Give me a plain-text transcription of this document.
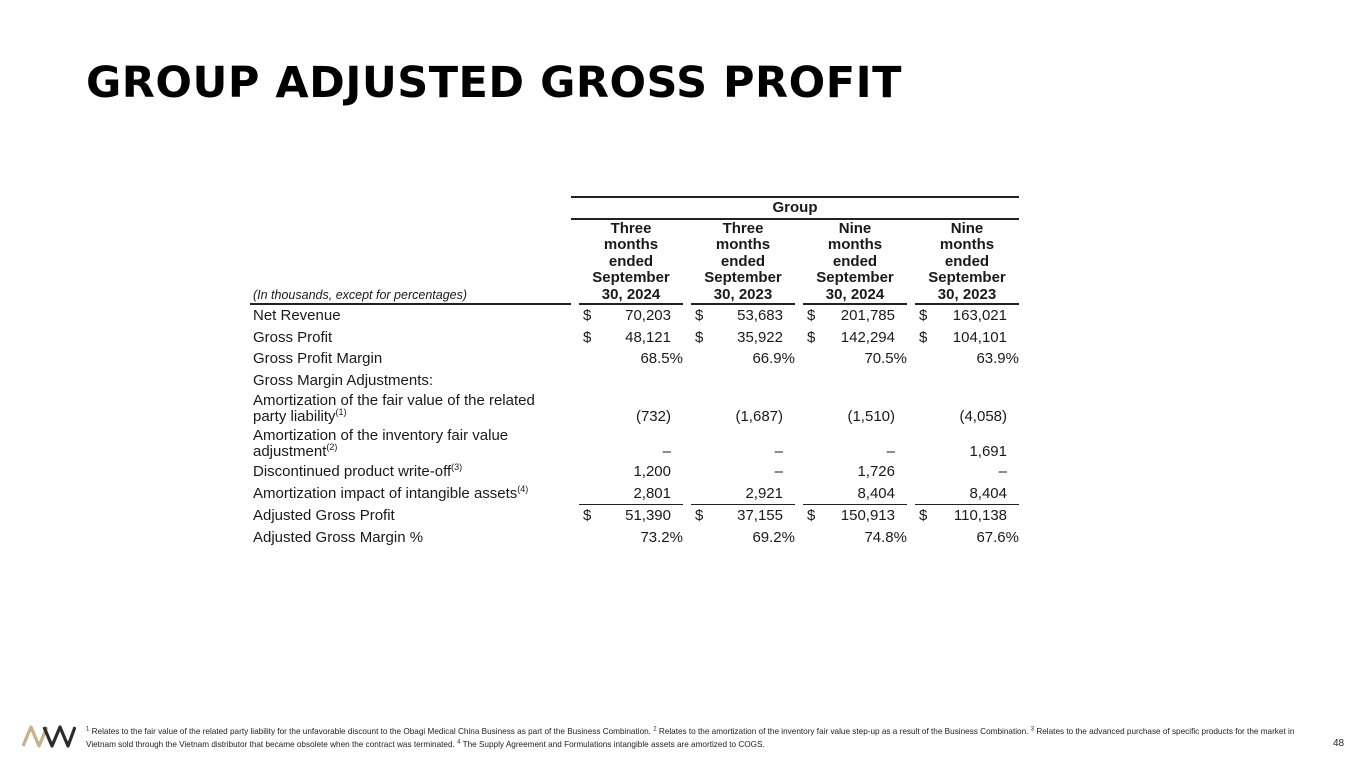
GROUP ADJUSTED GROSS PROFIT
	Group											
(In thousands, except for percentages)		Three
months
ended
September
30, 2024			Three
months
ended
September
30, 2023			Nine
months
ended
September
30, 2024			Nine
months
ended
September
30, 2023	
Net Revenue		$	70,203		$	53,683		$	201,785		$	163,021
Gross Profit		$	48,121		$	35,922		$	142,294		$	104,101
Gross Profit Margin			68.5%			66.9%			70.5%			63.9%
Gross Margin Adjustments:												
Amortization of the fair value of the related party liability$^{(1)}$			(732)			(1,687)			(1,510)			(4,058)
Amortization of the inventory fair value adjustment$^{(2)}$			–			–			–			1,691
Discontinued product write-off$^{(3)}$			1,200			–			1,726			–
Amortization impact of intangible assets$^{(4)}$			2,801			2,921			8,404			8,404
Adjusted Gross Profit		$	51,390		$	37,155		$	150,913		$	110,138
Adjusted Gross Margin %			73.2%			69.2%			74.8%			67.6%
$^1$ Relates to the fair value of the related party liability for the unfavorable discount to the Obagi Medical China Business as part of the Business Combination. $^2$ Relates to the amortization of the inventory fair value step-up as a result of the Business Combination. $^3$ Relates to the advanced purchase of specific products for the market in Vietnam sold through the Vietnam distributor that became obsolete when the contract was terminated. $^4$ The Supply Agreement and Formulations intangible assets are amortized to COGS.	48
